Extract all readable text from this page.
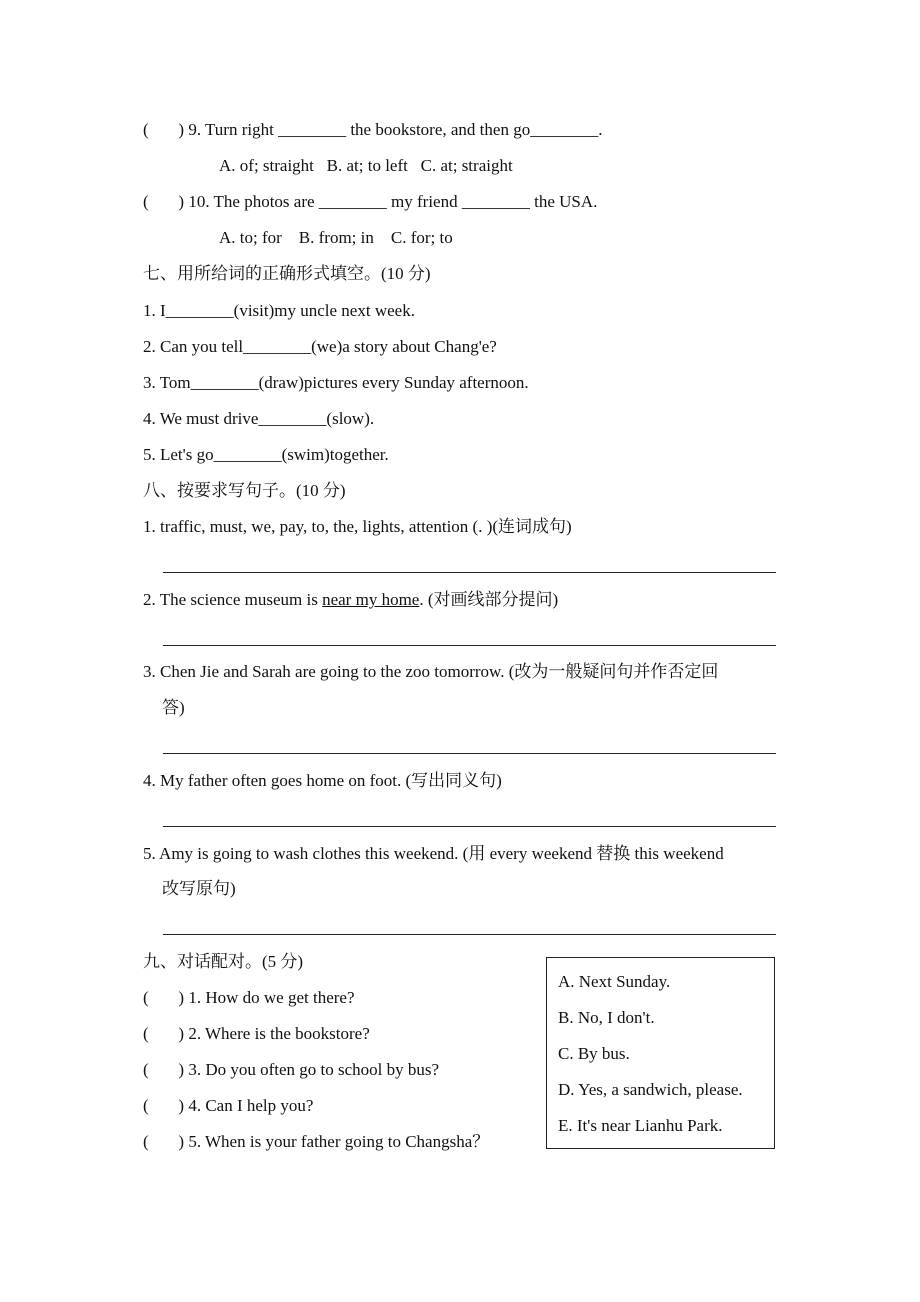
(       ) 9. Turn right ________ the bookstore, and then go________.
A. of; straight   B. at; to left   C. at; straight
(       ) 10. The photos are ________ my friend ________ the USA.
A. to; for    B. from; in    C. for; to
七、用所给词的正确形式填空。(10 分)
1. I________(visit)my uncle next week.
2. Can you tell________(we)a story about Chang'e?
3. Tom________(draw)pictures every Sunday afternoon.
4. We must drive________(slow).
5. Let's go________(swim)together.
八、按要求写句子。(10 分)
1. traffic, must, we, pay, to, the, lights, attention (. )(连词成句)
2. The science museum is near my home. (对画线部分提问)
3. Chen Jie and Sarah are going to the zoo tomorrow. (改为一般疑问句并作否定回
答)
4. My father often goes home on foot. (写出同义句)
5. Amy is going to wash clothes this weekend. (用 every weekend 替换 this weekend
改写原句)
九、对话配对。(5 分)
(       ) 1. How do we get there?
(       ) 2. Where is the bookstore?
(       ) 3. Do you often go to school by bus?
(       ) 4. Can I help you?
(       ) 5. When is your father going to Changsha？
A. Next Sunday.
B. No, I don't.
C. By bus.
D. Yes, a sandwich, please.
E. It's near Lianhu Park.
